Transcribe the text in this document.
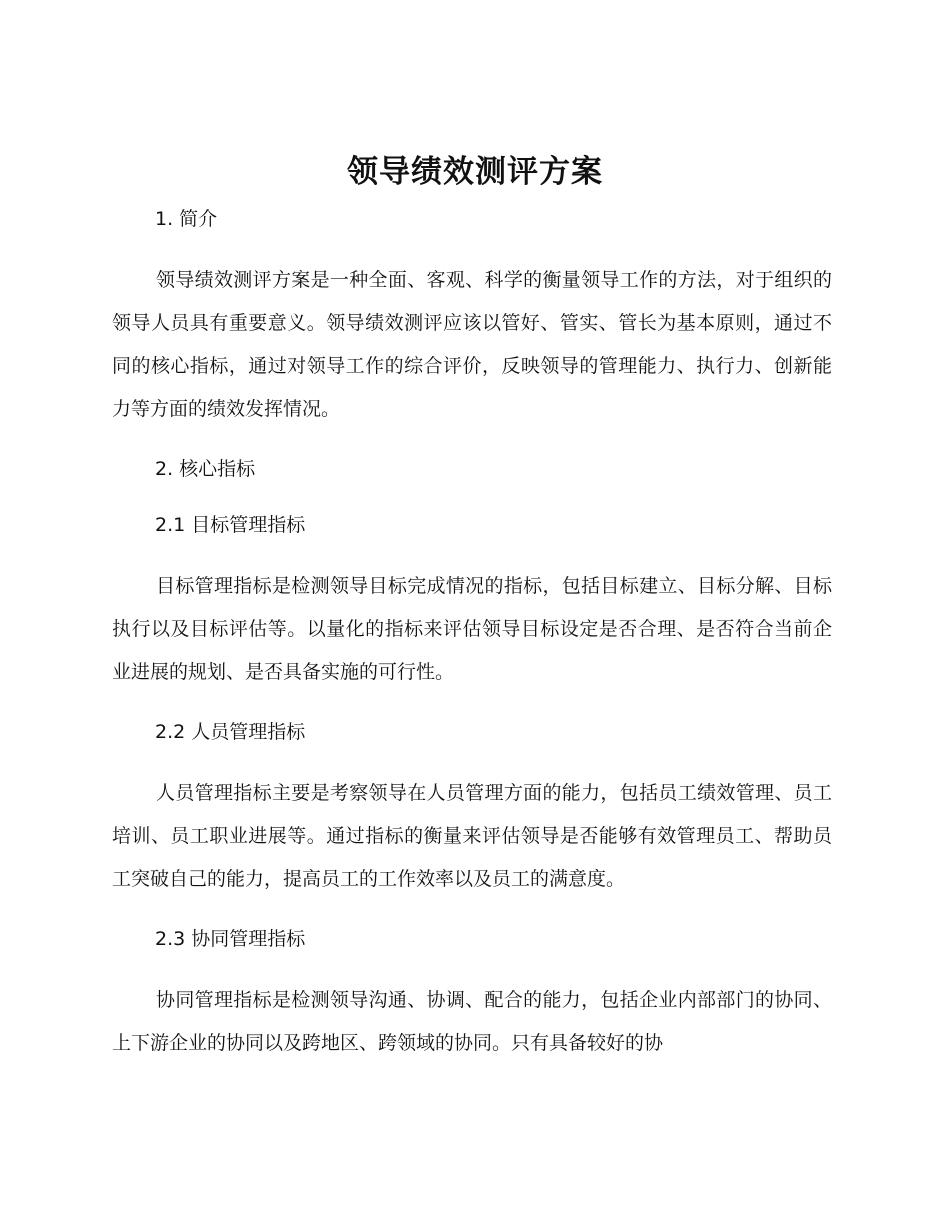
领导绩效测评方案

1. 简介

领导绩效测评方案是一种全面、客观、科学的衡量领导工作的方法，对于组织的领导人员具有重要意义。领导绩效测评应该以管好、管实、管长为基本原则，通过不同的核心指标，通过对领导工作的综合评价，反映领导的管理能力、执行力、创新能力等方面的绩效发挥情况。

2. 核心指标

2.1 目标管理指标

目标管理指标是检测领导目标完成情况的指标，包括目标建立、目标分解、目标执行以及目标评估等。以量化的指标来评估领导目标设定是否合理、是否符合当前企业进展的规划、是否具备实施的可行性。

2.2 人员管理指标

人员管理指标主要是考察领导在人员管理方面的能力，包括员工绩效管理、员工培训、员工职业进展等。通过指标的衡量来评估领导是否能够有效管理员工、帮助员工突破自己的能力，提高员工的工作效率以及员工的满意度。

2.3 协同管理指标

协同管理指标是检测领导沟通、协调、配合的能力，包括企业内部部门的协同、上下游企业的协同以及跨地区、跨领域的协同。只有具备较好的协
